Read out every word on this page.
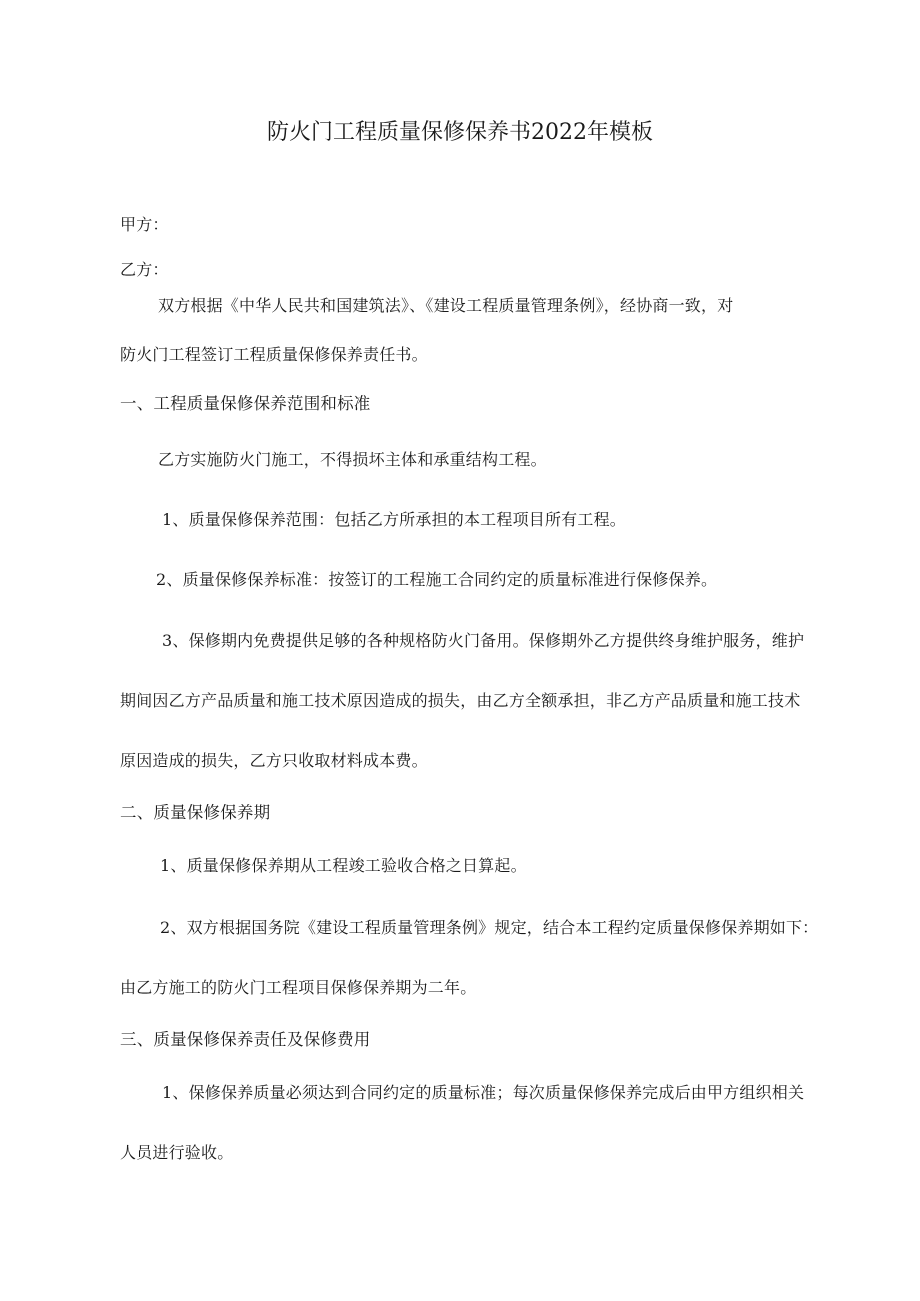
防火门工程质量保修保养书2022年模板
甲方：
乙方：
双方根据《中华人民共和国建筑法》、《建设工程质量管理条例》，经协商一致，对
防火门工程签订工程质量保修保养责任书。
一、工程质量保修保养范围和标准
乙方实施防火门施工，不得损坏主体和承重结构工程。
1、质量保修保养范围：包括乙方所承担的本工程项目所有工程。
2、质量保修保养标准：按签订的工程施工合同约定的质量标准进行保修保养。
3、保修期内免费提供足够的各种规格防火门备用。保修期外乙方提供终身维护服务，维护
期间因乙方产品质量和施工技术原因造成的损失，由乙方全额承担，非乙方产品质量和施工技术
原因造成的损失，乙方只收取材料成本费。
二、质量保修保养期
1、质量保修保养期从工程竣工验收合格之日算起。
2、双方根据国务院《建设工程质量管理条例》规定，结合本工程约定质量保修保养期如下：
由乙方施工的防火门工程项目保修保养期为二年。
三、质量保修保养责任及保修费用
1、保修保养质量必须达到合同约定的质量标准；每次质量保修保养完成后由甲方组织相关
人员进行验收。
